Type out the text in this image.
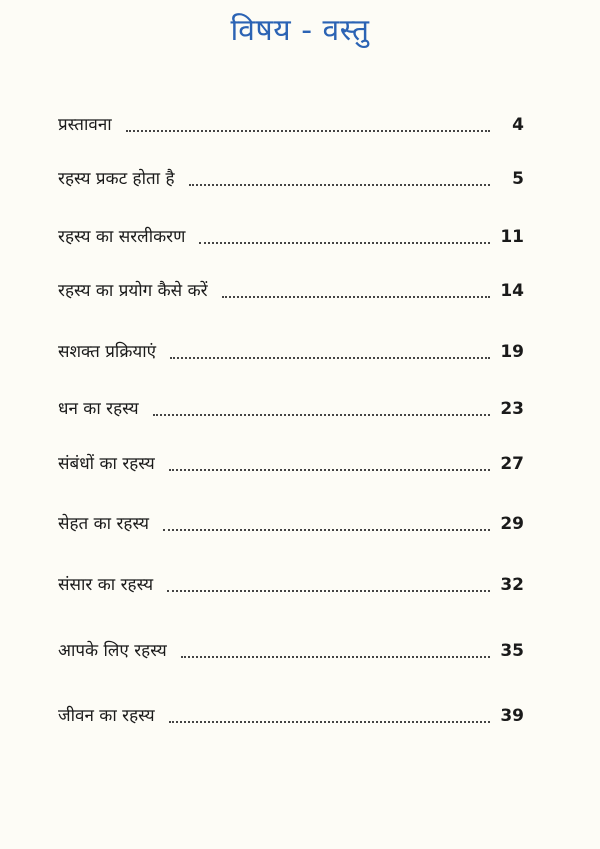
विषय - वस्तु
प्रस्तावना	4
रहस्य प्रकट होता है	5
रहस्य का सरलीकरण	11
रहस्य का प्रयोग कैसे करें	14
सशक्त प्रक्रियाएं	19
धन का रहस्य	23
संबंधों का रहस्य	27
सेहत का रहस्य	29
संसार का रहस्य	32
आपके लिए रहस्य	35
जीवन का रहस्य	39
